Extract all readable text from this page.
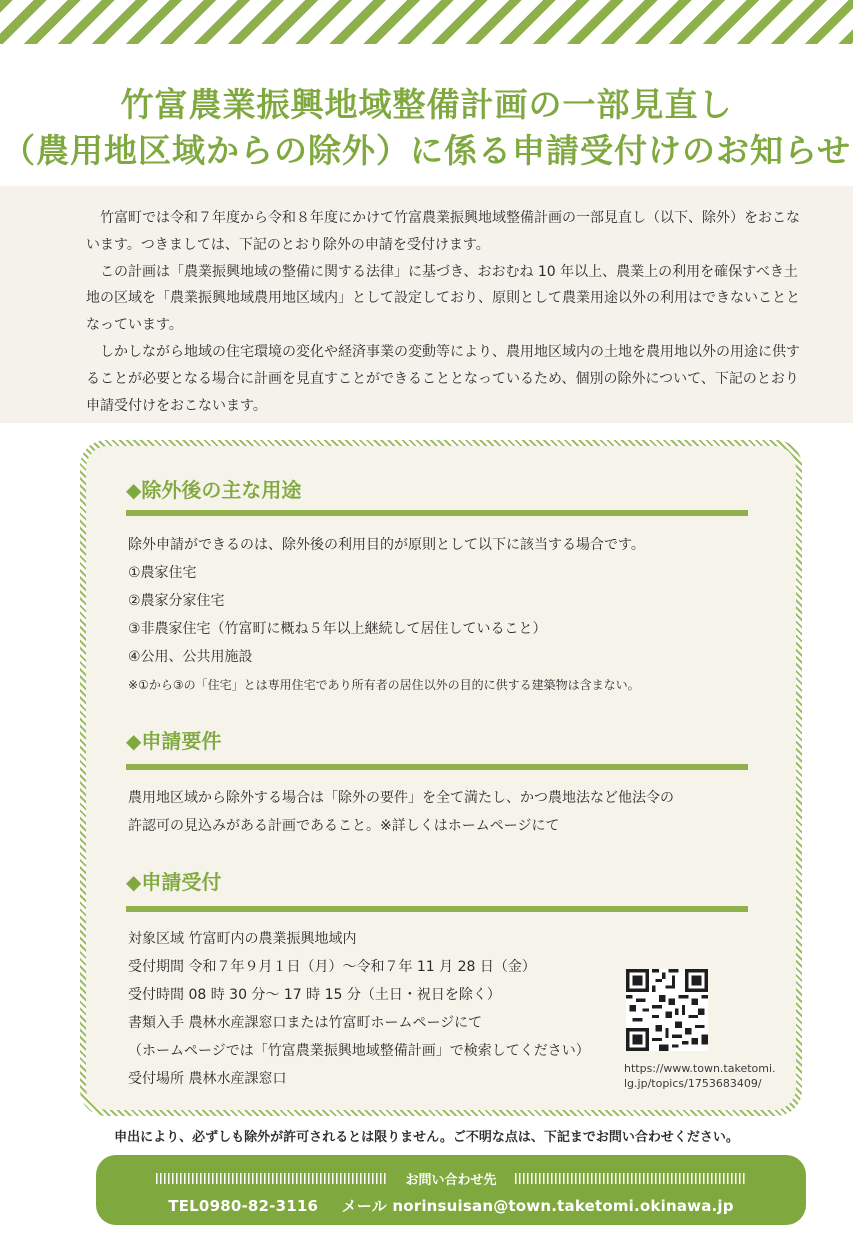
竹富農業振興地域整備計画の一部見直し
（農用地区域からの除外）に係る申請受付けのお知らせ

竹富町では令和７年度から令和８年度にかけて竹富農業振興地域整備計画の一部見直し（以下、除外）をおこないます。つきましては、下記のとおり除外の申請を受付けます。

この計画は「農業振興地域の整備に関する法律」に基づき、おおむね 10 年以上、農業上の利用を確保すべき土地の区域を「農業振興地域農用地区域内」として設定しており、原則として農業用途以外の利用はできないこととなっています。

しかしながら地域の住宅環境の変化や経済事業の変動等により、農用地区域内の土地を農用地以外の用途に供することが必要となる場合に計画を見直すことができることとなっているため、個別の除外について、下記のとおり申請受付けをおこないます。

◆除外後の主な用途
除外申請ができるのは、除外後の利用目的が原則として以下に該当する場合です。
①農家住宅
②農家分家住宅
③非農家住宅（竹富町に概ね５年以上継続して居住していること）
④公用、公共用施設
※①から③の「住宅」とは専用住宅であり所有者の居住以外の目的に供する建築物は含まない。
◆申請要件
農用地区域から除外する場合は「除外の要件」を全て満たし、かつ農地法など他法令の
許認可の見込みがある計画であること。※詳しくはホームページにて
◆申請受付
対象区域 竹富町内の農業振興地域内
受付期間 令和７年９月１日（月）～令和７年 11 月 28 日（金）
受付時間 08 時 30 分～ 17 時 15 分（土日・祝日を除く）
書類入手 農林水産課窓口または竹富町ホームページにて
（ホームページでは「竹富農業振興地域整備計画」で検索してください）
受付場所 農林水産課窓口
https://www.town.taketomi.
lg.jp/topics/1753683409/
申出により、必ずしも除外が許可されるとは限りません。ご不明な点は、下記までお問い合わせください。
お問い合わせ先
TEL0980-82-3116 メール norinsuisan@town.taketomi.okinawa.jp
